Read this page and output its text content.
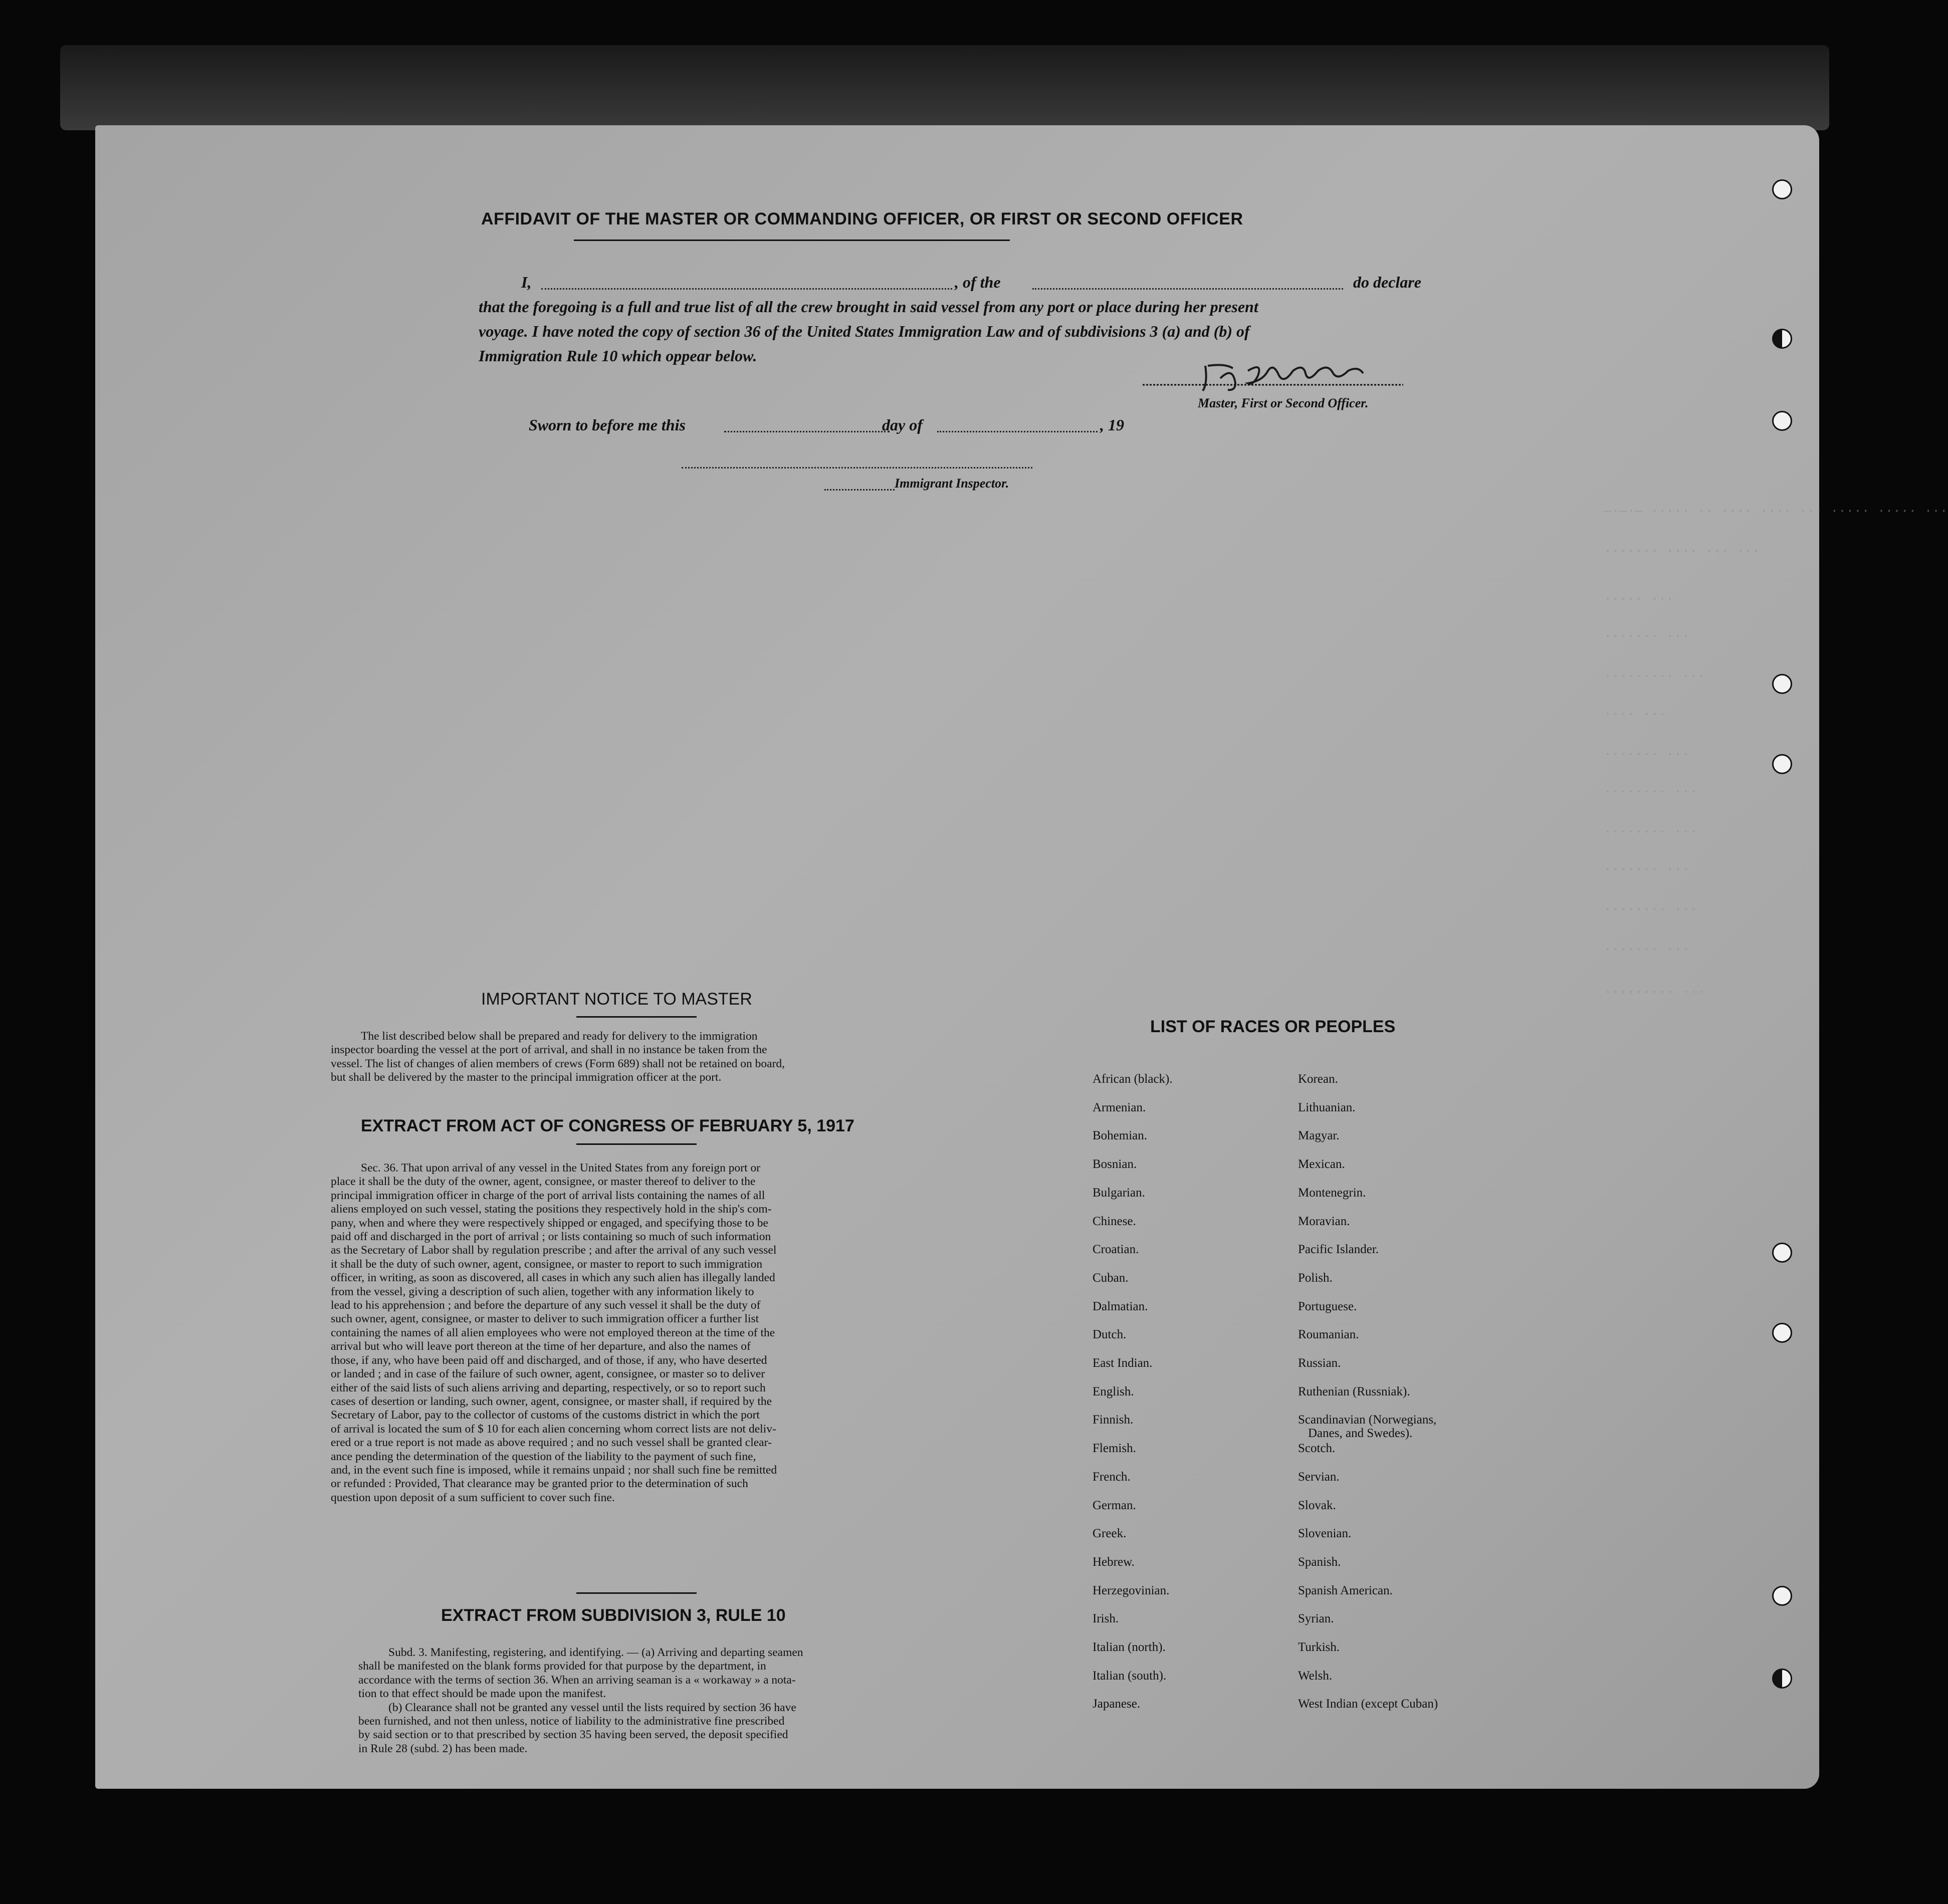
—·—·— ····· ·· ···· ···· ··· ····· ····· ···
······· ···· ··· ···
····· ···
······· ···
········· ···
···· ···
······· ···
········ ···
········ ···
······· ···
········ ···
······· ···
········· ···
AFFIDAVIT OF THE MASTER OR COMMANDING OFFICER, OR FIRST OR SECOND OFFICER
I,	, of the	do declare
that the foregoing is a full and true list of all the crew brought in said vessel from any port or place during her present
voyage. I have noted the copy of section 36 of the United States Immigration Law and of subdivisions 3 (a) and (b) of
Immigration Rule 10 which oppear below.
Master, First or Second Officer.
Sworn to before me this	day of	, 19
Immigrant Inspector.
IMPORTANT NOTICE TO MASTER
The list described below shall be prepared and ready for delivery to the immigration
inspector boarding the vessel at the port of arrival, and shall in no instance be taken from the
vessel. The list of changes of alien members of crews (Form 689) shall not be retained on board,
but shall be delivered by the master to the principal immigration officer at the port.
EXTRACT FROM ACT OF CONGRESS OF FEBRUARY 5, 1917
Sec. 36. That upon arrival of any vessel in the United States from any foreign port or
place it shall be the duty of the owner, agent, consignee, or master thereof to deliver to the
principal immigration officer in charge of the port of arrival lists containing the names of all
aliens employed on such vessel, stating the positions they respectively hold in the ship's com-
pany, when and where they were respectively shipped or engaged, and specifying those to be
paid off and discharged in the port of arrival ; or lists containing so much of such information
as the Secretary of Labor shall by regulation prescribe ; and after the arrival of any such vessel
it shall be the duty of such owner, agent, consignee, or master to report to such immigration
officer, in writing, as soon as discovered, all cases in which any such alien has illegally landed
from the vessel, giving a description of such alien, together with any information likely to
lead to his apprehension ; and before the departure of any such vessel it shall be the duty of
such owner, agent, consignee, or master to deliver to such immigration officer a further list
containing the names of all alien employees who were not employed thereon at the time of the
arrival but who will leave port thereon at the time of her departure, and also the names of
those, if any, who have been paid off and discharged, and of those, if any, who have deserted
or landed ; and in case of the failure of such owner, agent, consignee, or master so to deliver
either of the said lists of such aliens arriving and departing, respectively, or so to report such
cases of desertion or landing, such owner, agent, consignee, or master shall, if required by the
Secretary of Labor, pay to the collector of customs of the customs district in which the port
of arrival is located the sum of $ 10 for each alien concerning whom correct lists are not deliv-
ered or a true report is not made as above required ; and no such vessel shall be granted clear-
ance pending the determination of the question of the liability to the payment of such fine,
and, in the event such fine is imposed, while it remains unpaid ; nor shall such fine be remitted
or refunded : Provided, That clearance may be granted prior to the determination of such
question upon deposit of a sum sufficient to cover such fine.
EXTRACT FROM SUBDIVISION 3, RULE 10
Subd. 3. Manifesting, registering, and identifying. — (a) Arriving and departing seamen
shall be manifested on the blank forms provided for that purpose by the department, in
accordance with the terms of section 36. When an arriving seaman is a « workaway » a nota-
tion to that effect should be made upon the manifest.
(b) Clearance shall not be granted any vessel until the lists required by section 36 have
been furnished, and not then unless, notice of liability to the administrative fine prescribed
by said section or to that prescribed by section 35 having been served, the deposit specified
in Rule 28 (subd. 2) has been made.
LIST OF RACES OR PEOPLES
African (black).
Armenian.
Bohemian.
Bosnian.
Bulgarian.
Chinese.
Croatian.
Cuban.
Dalmatian.
Dutch.
East Indian.
English.
Finnish.
Flemish.
French.
German.
Greek.
Hebrew.
Herzegovinian.
Irish.
Italian (north).
Italian (south).
Japanese.
Korean.
Lithuanian.
Magyar.
Mexican.
Montenegrin.
Moravian.
Pacific Islander.
Polish.
Portuguese.
Roumanian.
Russian.
Ruthenian (Russniak).
Scandinavian (Norwegians,
Danes, and Swedes).
Scotch.
Servian.
Slovak.
Slovenian.
Spanish.
Spanish American.
Syrian.
Turkish.
Welsh.
West Indian (except Cuban)
